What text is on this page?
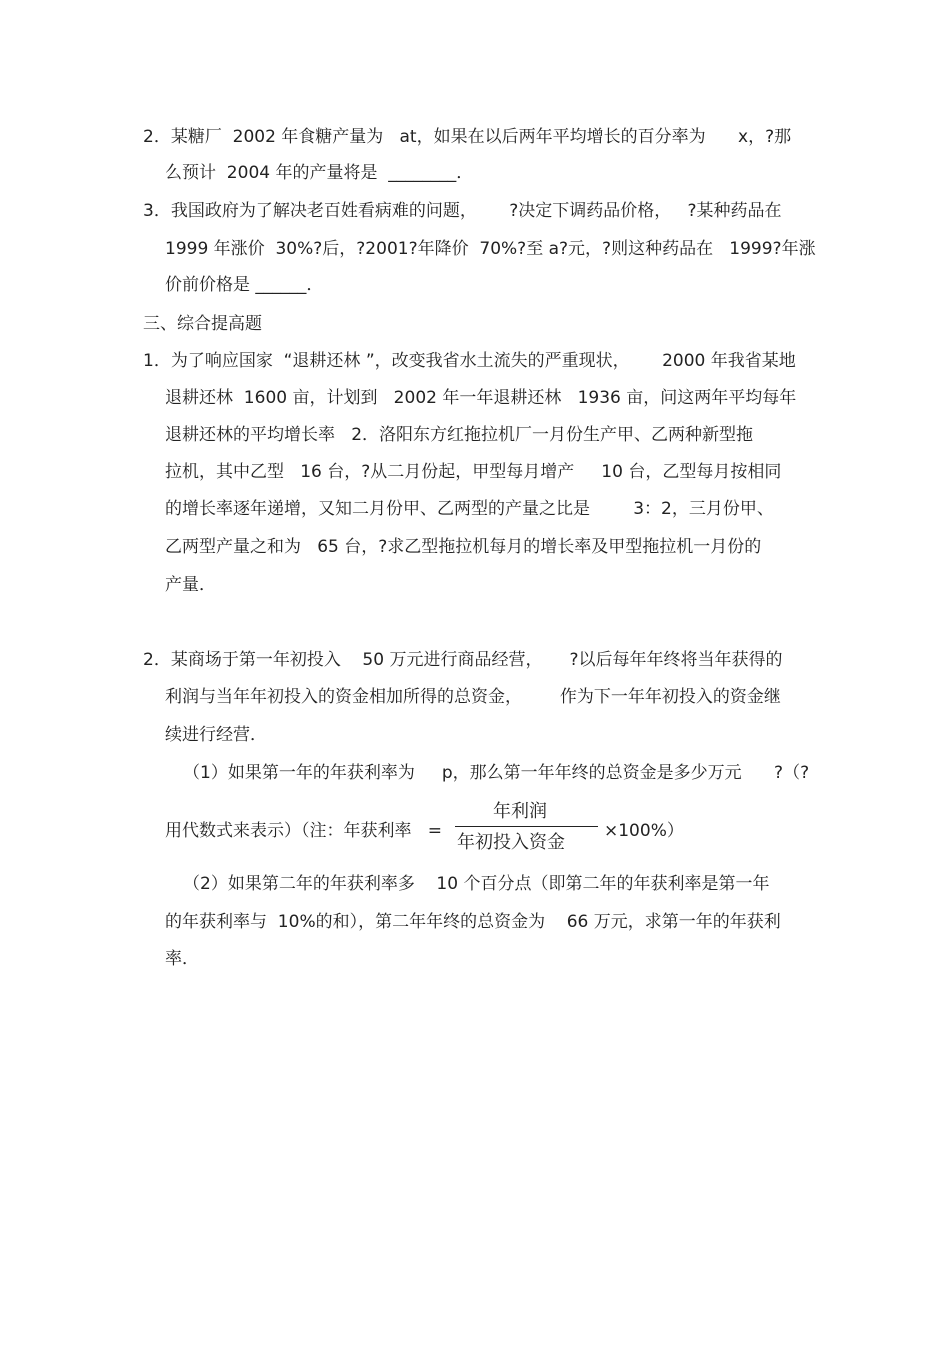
2．某糖厂  2002 年食糖产量为   at，如果在以后两年平均增长的百分率为      x，?那
么预计  2004 年的产量将是  ________．
3．我国政府为了解决老百姓看病难的问题，      ?决定下调药品价格，   ?某种药品在
1999 年涨价  30%?后，?2001?年降价  70%?至 a?元，?则这种药品在   1999?年涨
价前价格是 ______．
三、综合提高题
1．为了响应国家  “退耕还林 ”，改变我省水土流失的严重现状，      2000 年我省某地
退耕还林  1600 亩，计划到   2002 年一年退耕还林   1936 亩，问这两年平均每年
退耕还林的平均增长率   2．洛阳东方红拖拉机厂一月份生产甲、乙两种新型拖
拉机，其中乙型   16 台，?从二月份起，甲型每月增产     10 台，乙型每月按相同
的增长率逐年递增，又知二月份甲、乙两型的产量之比是        3：2，三月份甲、
乙两型产量之和为   65 台，?求乙型拖拉机每月的增长率及甲型拖拉机一月份的
产量．
2．某商场于第一年初投入    50 万元进行商品经营，     ?以后每年年终将当年获得的
利润与当年年初投入的资金相加所得的总资金，       作为下一年年初投入的资金继
续进行经营．
（1）如果第一年的年获利率为     p，那么第一年年终的总资金是多少万元      ?（?
用代数式来表示）（注：年获利率   =
年利润
年初投入资金
×100%）
（2）如果第二年的年获利率多    10 个百分点（即第二年的年获利率是第一年
的年获利率与  10%的和），第二年年终的总资金为    66 万元，求第一年的年获利
率．
